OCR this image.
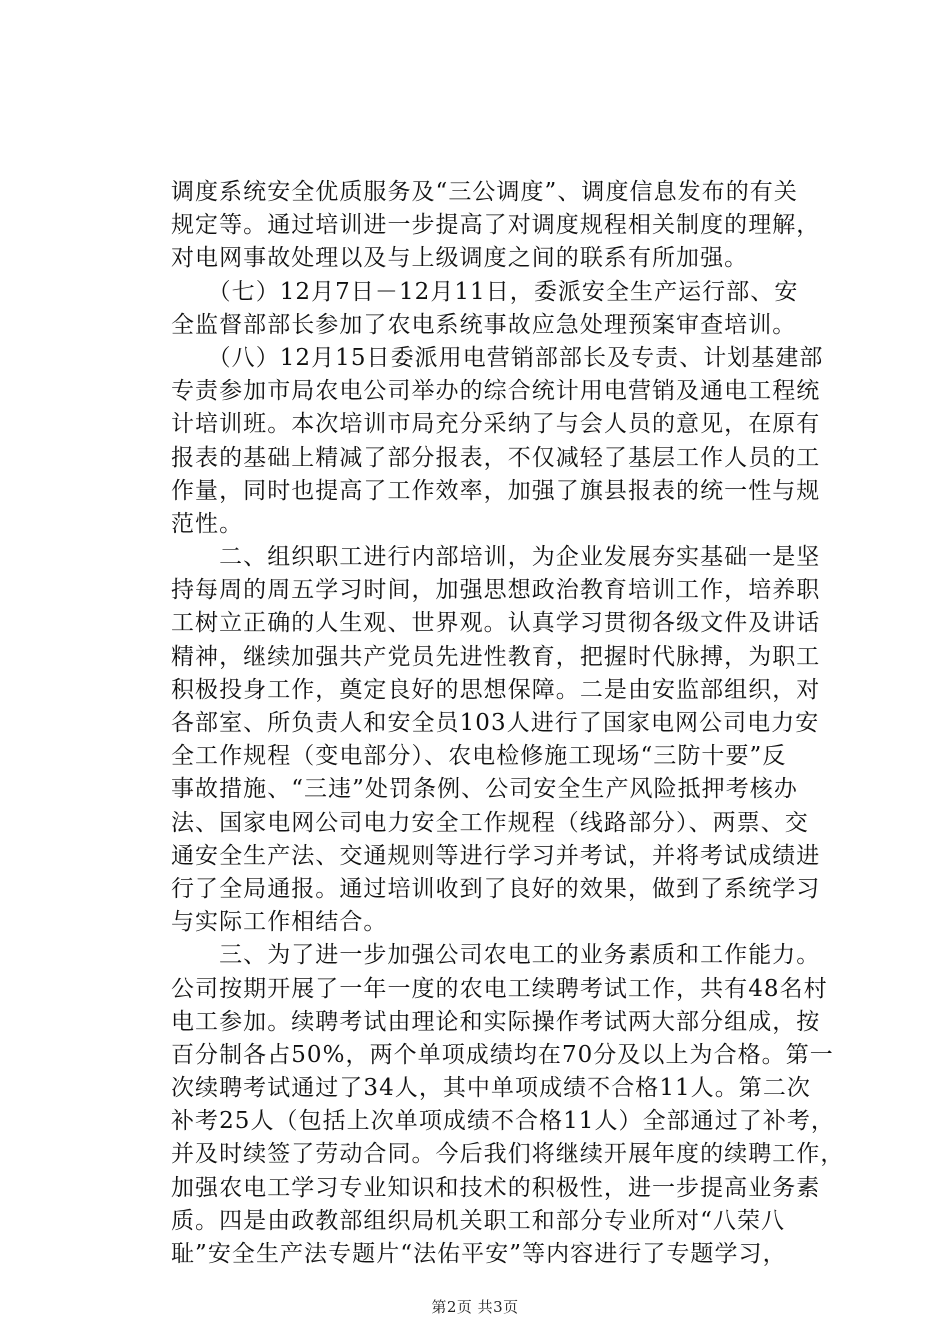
调度系统安全优质服务及“三公调度”、调度信息发布的有关
规定等。通过培训进一步提高了对调度规程相关制度的理解，
对电网事故处理以及与上级调度之间的联系有所加强。
　　（七）12月7日－12月11日，委派安全生产运行部、安
全监督部部长参加了农电系统事故应急处理预案审查培训。
　　（八）12月15日委派用电营销部部长及专责、计划基建部
专责参加市局农电公司举办的综合统计用电营销及通电工程统
计培训班。本次培训市局充分采纳了与会人员的意见，在原有
报表的基础上精减了部分报表，不仅减轻了基层工作人员的工
作量，同时也提高了工作效率，加强了旗县报表的统一性与规
范性。
　　二、组织职工进行内部培训，为企业发展夯实基础一是坚
持每周的周五学习时间，加强思想政治教育培训工作，培养职
工树立正确的人生观、世界观。认真学习贯彻各级文件及讲话
精神，继续加强共产党员先进性教育，把握时代脉搏，为职工
积极投身工作，奠定良好的思想保障。二是由安监部组织，对
各部室、所负责人和安全员103人进行了国家电网公司电力安
全工作规程（变电部分）、农电检修施工现场“三防十要”反
事故措施、“三违”处罚条例、公司安全生产风险抵押考核办
法、国家电网公司电力安全工作规程（线路部分）、两票、交
通安全生产法、交通规则等进行学习并考试，并将考试成绩进
行了全局通报。通过培训收到了良好的效果，做到了系统学习
与实际工作相结合。
　　三、为了进一步加强公司农电工的业务素质和工作能力。
公司按期开展了一年一度的农电工续聘考试工作，共有48名村
电工参加。续聘考试由理论和实际操作考试两大部分组成，按
百分制各占50%，两个单项成绩均在70分及以上为合格。第一
次续聘考试通过了34人，其中单项成绩不合格11人。第二次
补考25人（包括上次单项成绩不合格11人）全部通过了补考，
并及时续签了劳动合同。今后我们将继续开展年度的续聘工作，
加强农电工学习专业知识和技术的积极性，进一步提高业务素
质。四是由政教部组织局机关职工和部分专业所对“八荣八
耻”安全生产法专题片“法佑平安”等内容进行了专题学习，
第2页 共3页
